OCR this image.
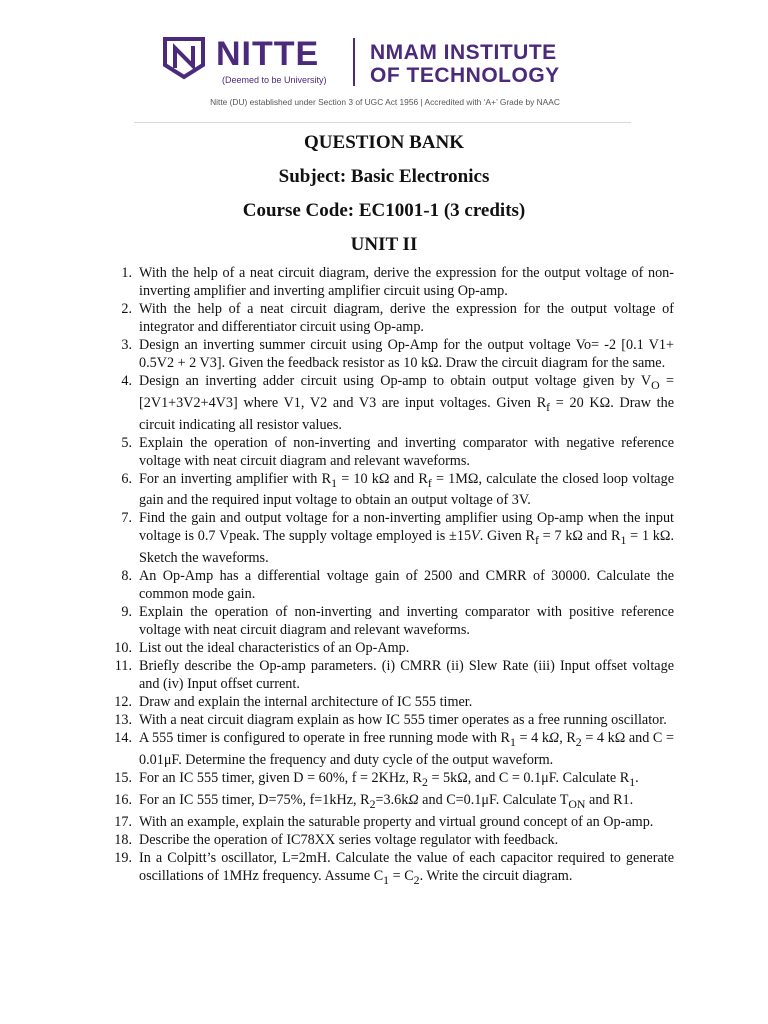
NITTE
(Deemed to be University)
NMAM INSTITUTE
OF TECHNOLOGY
Nitte (DU) established under Section 3 of UGC Act 1956 | Accredited with ‘A+’ Grade by NAAC
QUESTION BANK
Subject: Basic Electronics
Course Code: EC1001-1 (3 credits)
UNIT II
1. With the help of a neat circuit diagram, derive the expression for the output voltage of non-inverting amplifier and inverting amplifier circuit using Op-amp.
2. With the help of a neat circuit diagram, derive the expression for the output voltage of integrator and differentiator circuit using Op-amp.
3. Design an inverting summer circuit using Op-Amp for the output voltage Vo= -2 [0.1 V1+ 0.5V2 + 2 V3]. Given the feedback resistor as 10 kΩ. Draw the circuit diagram for the same.
4. Design an inverting adder circuit using Op-amp to obtain output voltage given by $V_O = [2V1+3V2+4V3]$ where V1, V2 and V3 are input voltages. Given $R_f = 20$ KΩ. Draw the circuit indicating all resistor values.
5. Explain the operation of non-inverting and inverting comparator with negative reference voltage with neat circuit diagram and relevant waveforms.
6. For an inverting amplifier with $R_1 = 10$ kΩ and $R_f = 1M\Omega$, calculate the closed loop voltage gain and the required input voltage to obtain an output voltage of 3V.
7. Find the gain and output voltage for a non-inverting amplifier using Op-amp when the input voltage is 0.7 Vpeak. The supply voltage employed is ±15V. Given $R_f = 7$ kΩ and $R_1 = 1$ kΩ. Sketch the waveforms.
8. An Op-Amp has a differential voltage gain of 2500 and CMRR of 30000. Calculate the common mode gain.
9. Explain the operation of non-inverting and inverting comparator with positive reference voltage with neat circuit diagram and relevant waveforms.
10. List out the ideal characteristics of an Op-Amp.
11. Briefly describe the Op-amp parameters. (i) CMRR (ii) Slew Rate (iii) Input offset voltage and (iv) Input offset current.
12. Draw and explain the internal architecture of IC 555 timer.
13. With a neat circuit diagram explain as how IC 555 timer operates as a free running oscillator.
14. A 555 timer is configured to operate in free running mode with $R_1 = 4$ kΩ, $R_2 = 4$ kΩ and C = 0.01μF. Determine the frequency and duty cycle of the output waveform.
15. For an IC 555 timer, given D = 60%, f = 2KHz, $R_2 = 5k\Omega$, and C = 0.1μF. Calculate $R_1$.
16. For an IC 555 timer, D=75%, f=1kHz, $R_2=3.6k\Omega$ and C=0.1μF. Calculate $T_{ON}$ and R1.
17. With an example, explain the saturable property and virtual ground concept of an Op-amp.
18. Describe the operation of IC78XX series voltage regulator with feedback.
19. In a Colpitt’s oscillator, L=2mH. Calculate the value of each capacitor required to generate oscillations of 1MHz frequency. Assume $C_1 = C_2$. Write the circuit diagram.
